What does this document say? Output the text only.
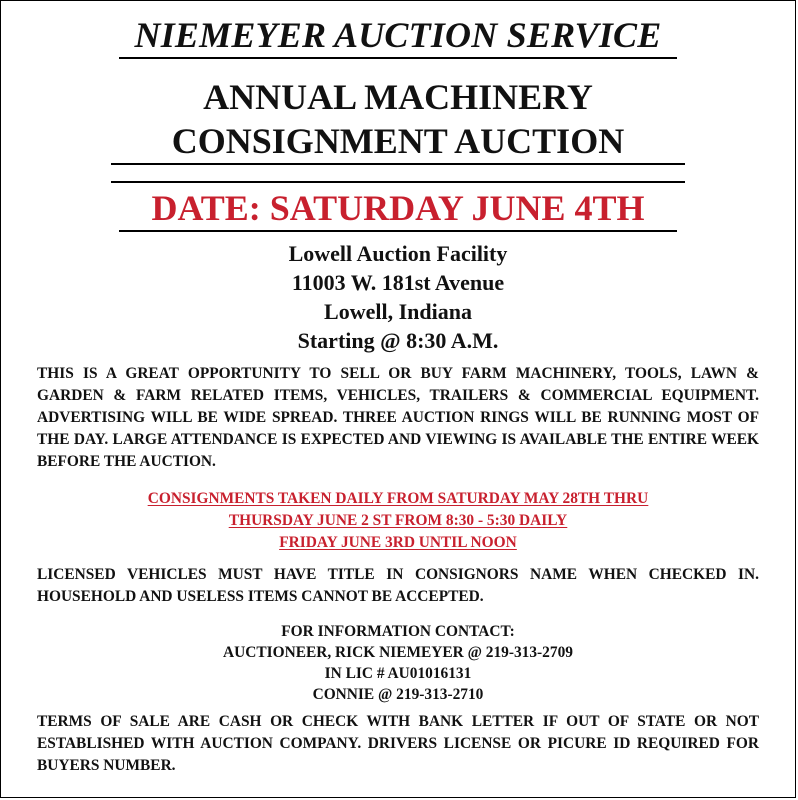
NIEMEYER AUCTION SERVICE
ANNUAL MACHINERY
CONSIGNMENT AUCTION
DATE: SATURDAY JUNE 4TH
Lowell Auction Facility
11003 W. 181st Avenue
Lowell, Indiana
Starting @ 8:30 A.M.
THIS IS A GREAT OPPORTUNITY TO SELL OR BUY FARM MACHINERY, TOOLS, LAWN & GARDEN & FARM RELATED ITEMS, VEHICLES, TRAILERS & COMMERCIAL EQUIPMENT. ADVERTISING WILL BE WIDE SPREAD. THREE AUCTION RINGS WILL BE RUNNING MOST OF THE DAY. LARGE ATTENDANCE IS EXPECTED AND VIEWING IS AVAILABLE THE ENTIRE WEEK BEFORE THE AUCTION.
CONSIGNMENTS TAKEN DAILY FROM SATURDAY MAY 28TH THRU
THURSDAY JUNE 2 ST FROM 8:30 - 5:30 DAILY
FRIDAY JUNE 3RD UNTIL NOON
LICENSED VEHICLES MUST HAVE TITLE IN CONSIGNORS NAME WHEN CHECKED IN. HOUSEHOLD AND USELESS ITEMS CANNOT BE ACCEPTED.
FOR INFORMATION CONTACT:
AUCTIONEER, RICK NIEMEYER @ 219-313-2709
IN LIC # AU01016131
CONNIE @ 219-313-2710
TERMS OF SALE ARE CASH OR CHECK WITH BANK LETTER IF OUT OF STATE OR NOT ESTABLISHED WITH AUCTION COMPANY. DRIVERS LICENSE OR PICURE ID REQUIRED FOR BUYERS NUMBER.
